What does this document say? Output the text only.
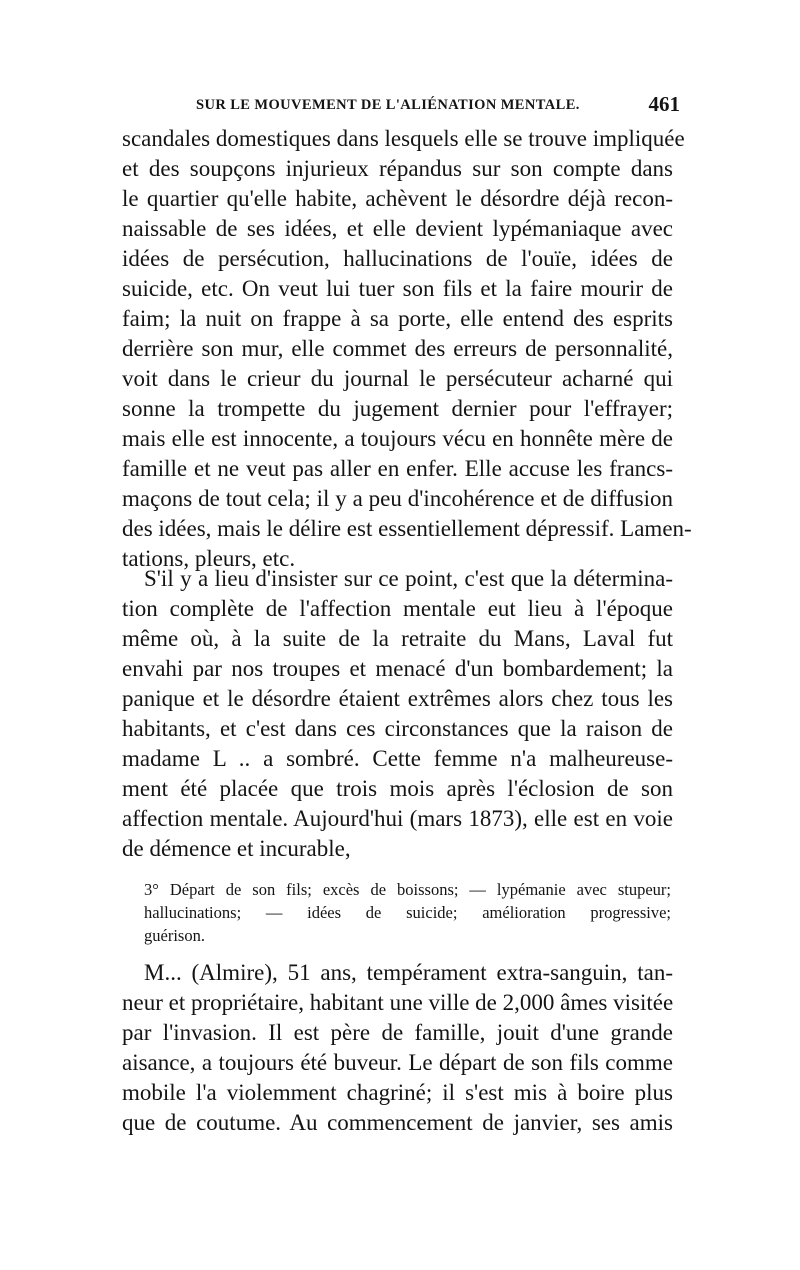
SUR LE MOUVEMENT DE L'ALIÉNATION MENTALE.	461
scandales domestiques dans lesquels elle se trouve impliquée
et des soupçons injurieux répandus sur son compte dans
le quartier qu'elle habite, achèvent le désordre déjà recon-
naissable de ses idées, et elle devient lypémaniaque avec
idées de persécution, hallucinations de l'ouïe, idées de
suicide, etc. On veut lui tuer son fils et la faire mourir de
faim; la nuit on frappe à sa porte, elle entend des esprits
derrière son mur, elle commet des erreurs de personnalité,
voit dans le crieur du journal le persécuteur acharné qui
sonne la trompette du jugement dernier pour l'effrayer;
mais elle est innocente, a toujours vécu en honnête mère de
famille et ne veut pas aller en enfer. Elle accuse les francs-
maçons de tout cela; il y a peu d'incohérence et de diffusion
des idées, mais le délire est essentiellement dépressif. Lamen-
tations, pleurs, etc.
S'il y a lieu d'insister sur ce point, c'est que la détermina-
tion complète de l'affection mentale eut lieu à l'époque
même où, à la suite de la retraite du Mans, Laval fut
envahi par nos troupes et menacé d'un bombardement; la
panique et le désordre étaient extrêmes alors chez tous les
habitants, et c'est dans ces circonstances que la raison de
madame L .. a sombré. Cette femme n'a malheureuse-
ment été placée que trois mois après l'éclosion de son
affection mentale. Aujourd'hui (mars 1873), elle est en voie
de démence et incurable,
3° Départ de son fils; excès de boissons; — lypémanie avec stupeur;
hallucinations; — idées de suicide; amélioration progressive;
guérison.
M... (Almire), 51 ans, tempérament extra-sanguin, tan-
neur et propriétaire, habitant une ville de 2,000 âmes visitée
par l'invasion. Il est père de famille, jouit d'une grande
aisance, a toujours été buveur. Le départ de son fils comme
mobile l'a violemment chagriné; il s'est mis à boire plus
que de coutume. Au commencement de janvier, ses amis
